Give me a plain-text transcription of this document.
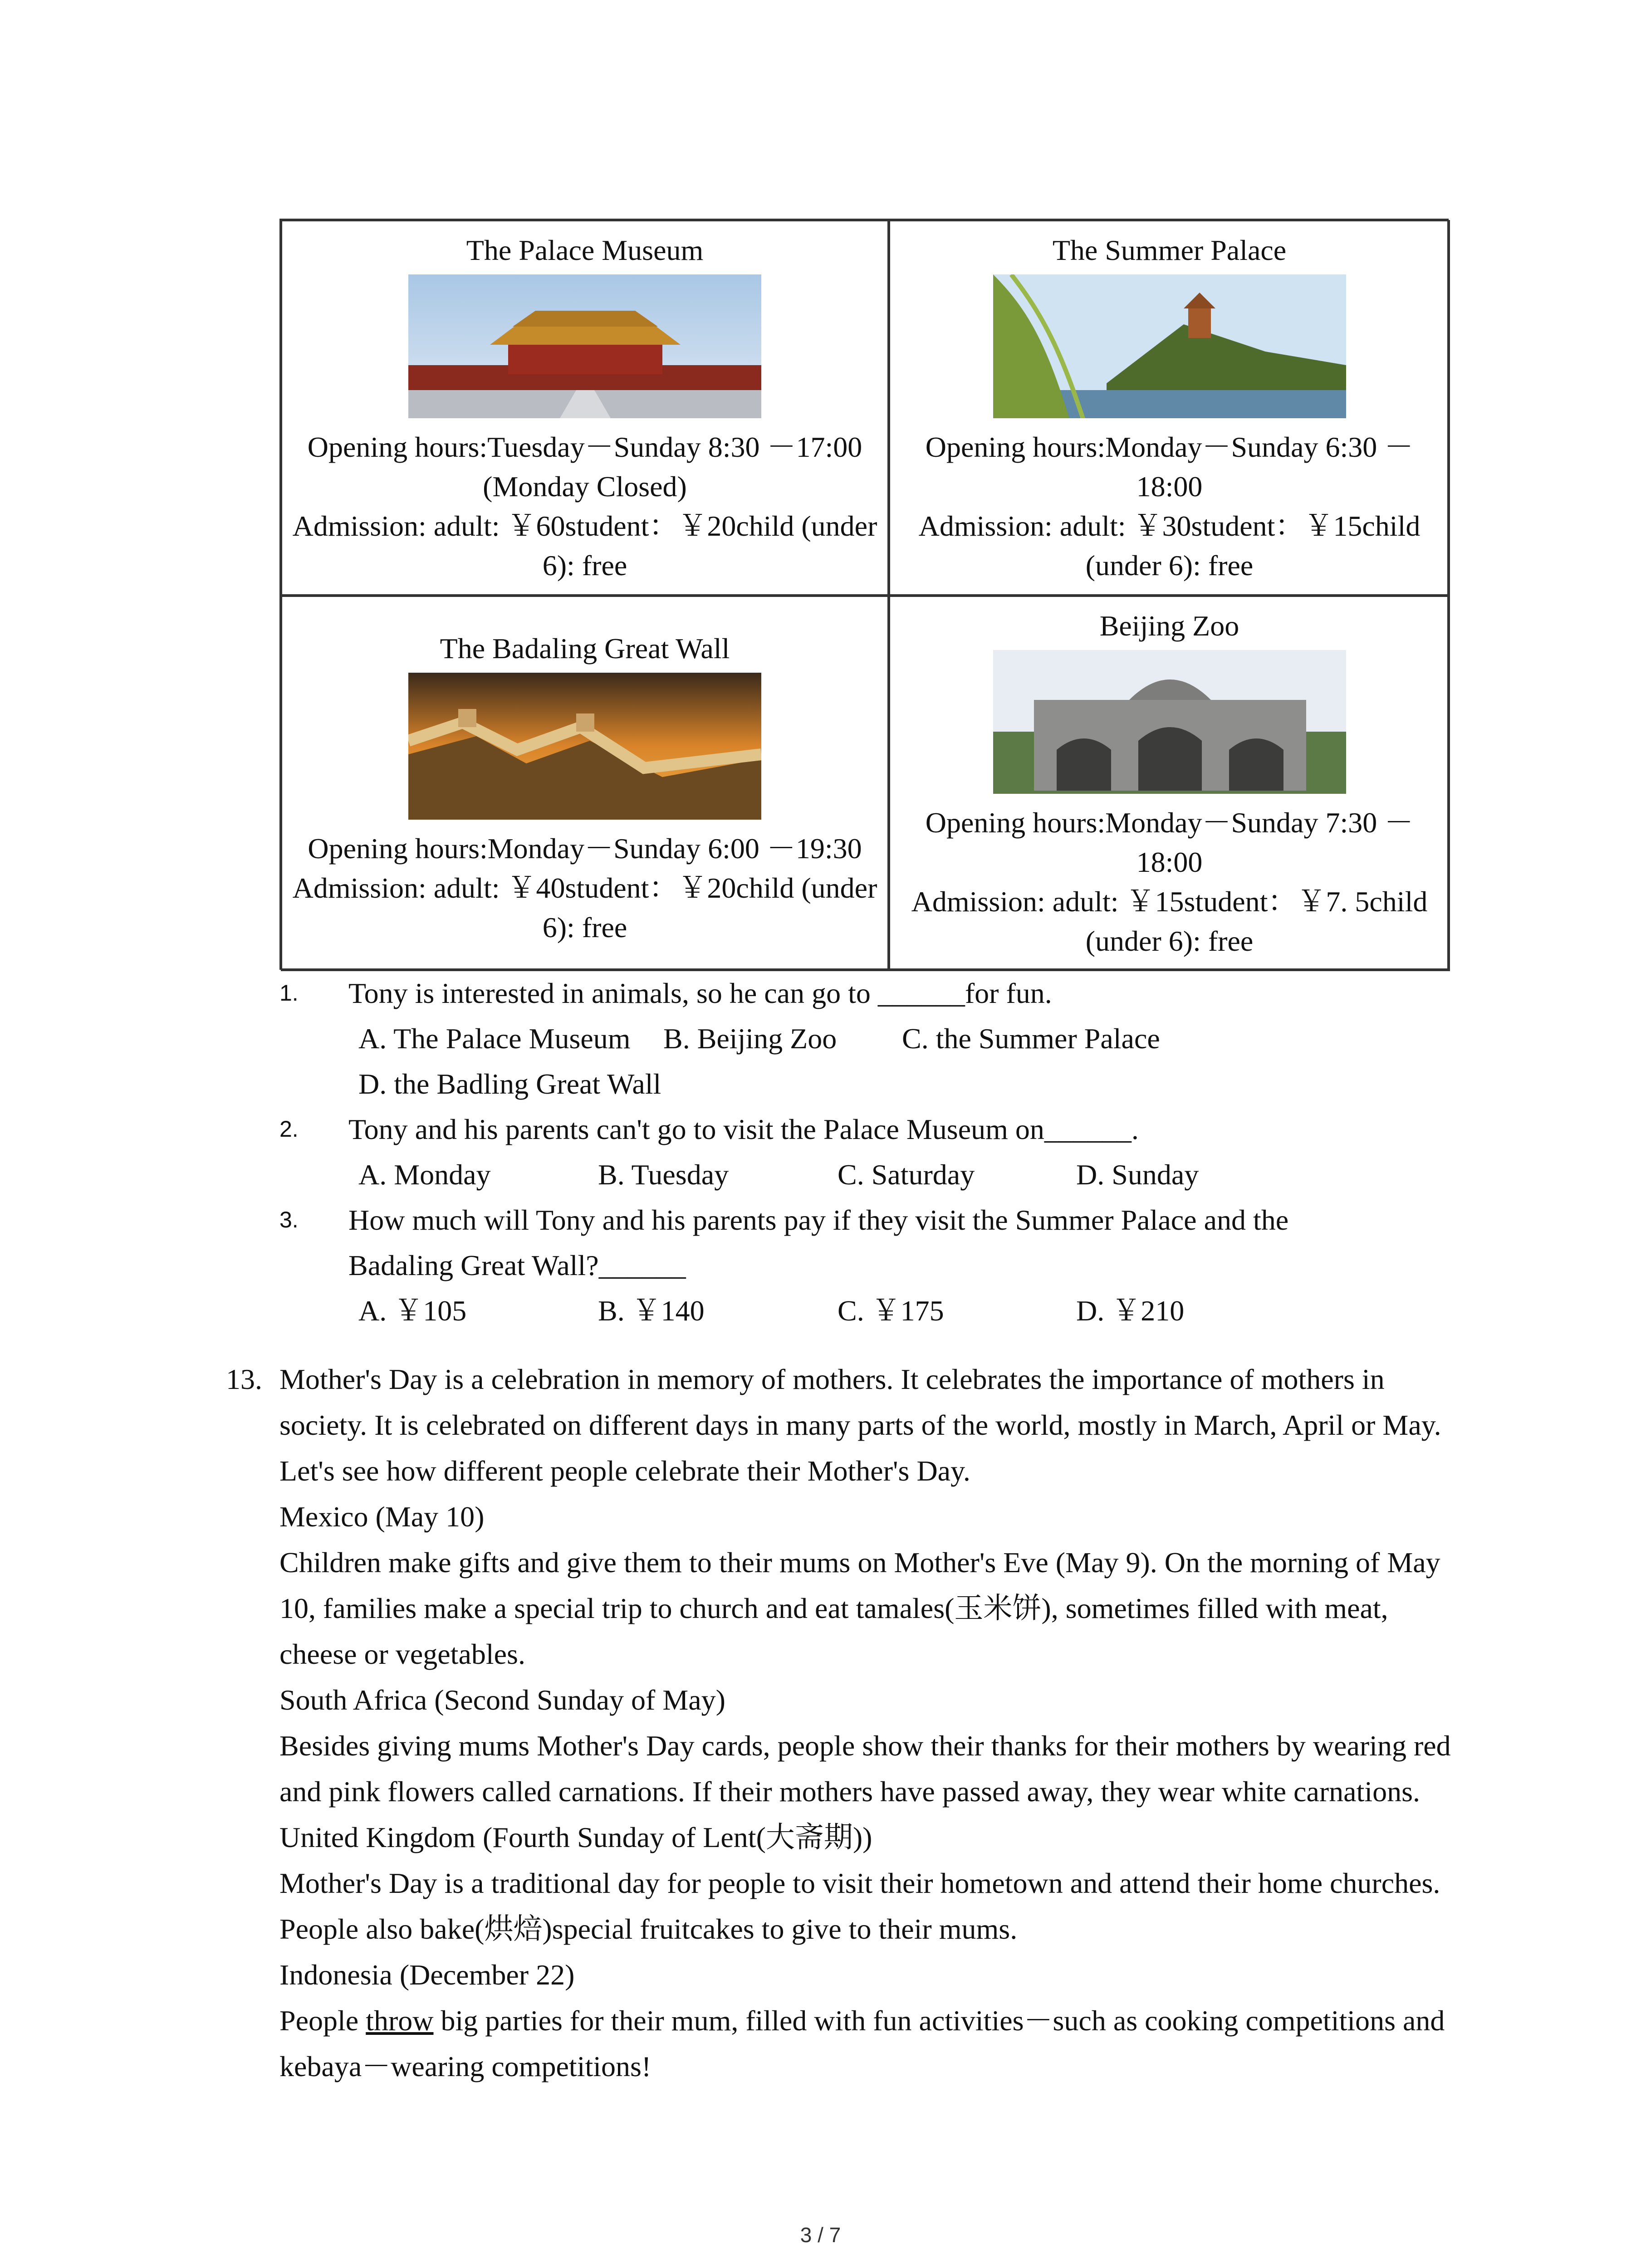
The Palace Museum
Opening hours:Tuesday－Sunday 8:30 －17:00 (Monday Closed)
Admission: adult: ￥60student：￥20child (under 6): free
The Summer Palace
Opening hours:Monday－Sunday 6:30 －18:00
Admission: adult: ￥30student：￥15child (under 6): free
The Badaling Great Wall
Opening hours:Monday－Sunday 6:00 －19:30
Admission: adult: ￥40student：￥20child (under 6): free
Beijing Zoo
Opening hours:Monday－Sunday 7:30 －18:00
Admission: adult: ￥15student：￥7. 5child (under 6): free
1. Tony is interested in animals, so he can go to ______for fun.
A. The Palace Museum B. Beijing Zoo C. the Summer Palace
D. the Badling Great Wall
2. Tony and his parents can't go to visit the Palace Museum on______.
A. Monday	B. Tuesday	C. Saturday	D. Sunday
3. How much will Tony and his parents pay if they visit the Summer Palace and the Badaling Great Wall?______
A. ￥105	B. ￥140	C. ￥175	D. ￥210
13. Mother's Day is a celebration in memory of mothers. It celebrates the importance of mothers in society. It is celebrated on different days in many parts of the world, mostly in March, April or May. Let's see how different people celebrate their Mother's Day.

Mexico (May 10)

Children make gifts and give them to their mums on Mother's Eve (May 9). On the morning of May 10, families make a special trip to church and eat tamales(玉米饼), sometimes filled with meat, cheese or vegetables.

South Africa (Second Sunday of May)

Besides giving mums Mother's Day cards, people show their thanks for their mothers by wearing red and pink flowers called carnations. If their mothers have passed away, they wear white carnations.

United Kingdom (Fourth Sunday of Lent(大斋期))

Mother's Day is a traditional day for people to visit their hometown and attend their home churches. People also bake(烘焙)special fruitcakes to give to their mums.

Indonesia (December 22)

People throw big parties for their mum, filled with fun activities－such as cooking competitions and kebaya－wearing competitions!

3 / 7
